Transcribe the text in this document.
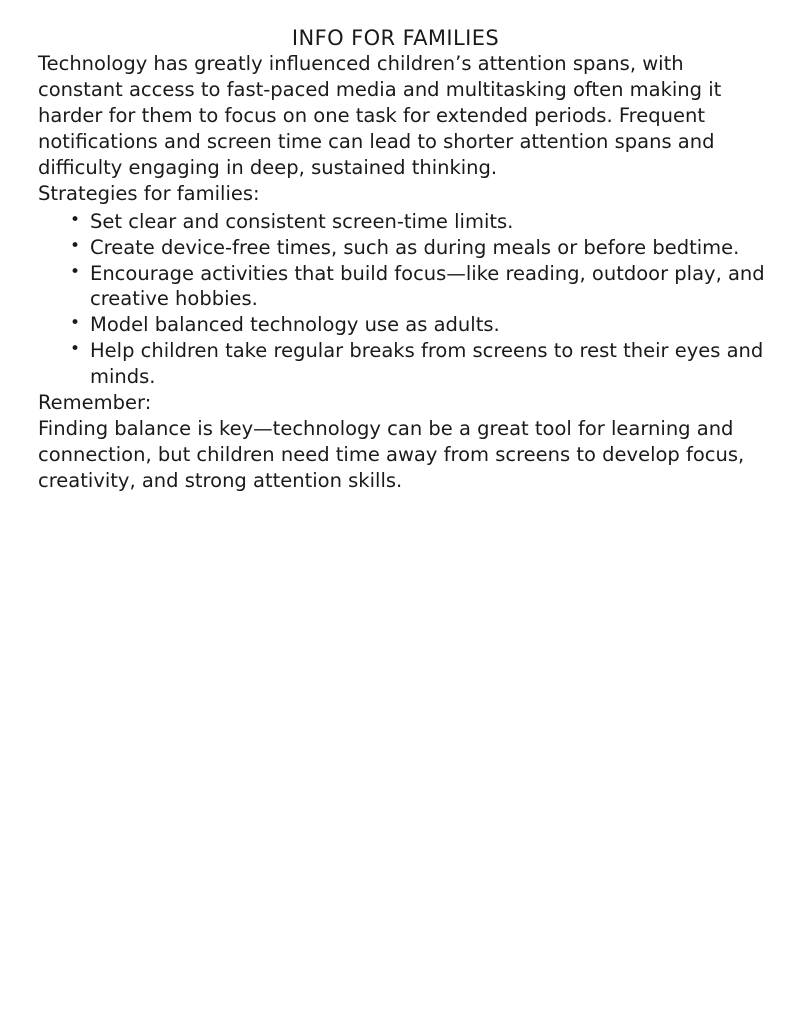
INFO FOR FAMILIES

Technology has greatly influenced children’s attention spans, with constant access to fast-paced media and multitasking often making it harder for them to focus on one task for extended periods. Frequent notifications and screen time can lead to shorter attention spans and difficulty engaging in deep, sustained thinking.

Strategies for families:

• Set clear and consistent screen-time limits.
• Create device-free times, such as during meals or before bedtime.
• Encourage activities that build focus—like reading, outdoor play, and creative hobbies.
• Model balanced technology use as adults.
• Help children take regular breaks from screens to rest their eyes and minds.

Remember:

Finding balance is key—technology can be a great tool for learning and connection, but children need time away from screens to develop focus, creativity, and strong attention skills.
